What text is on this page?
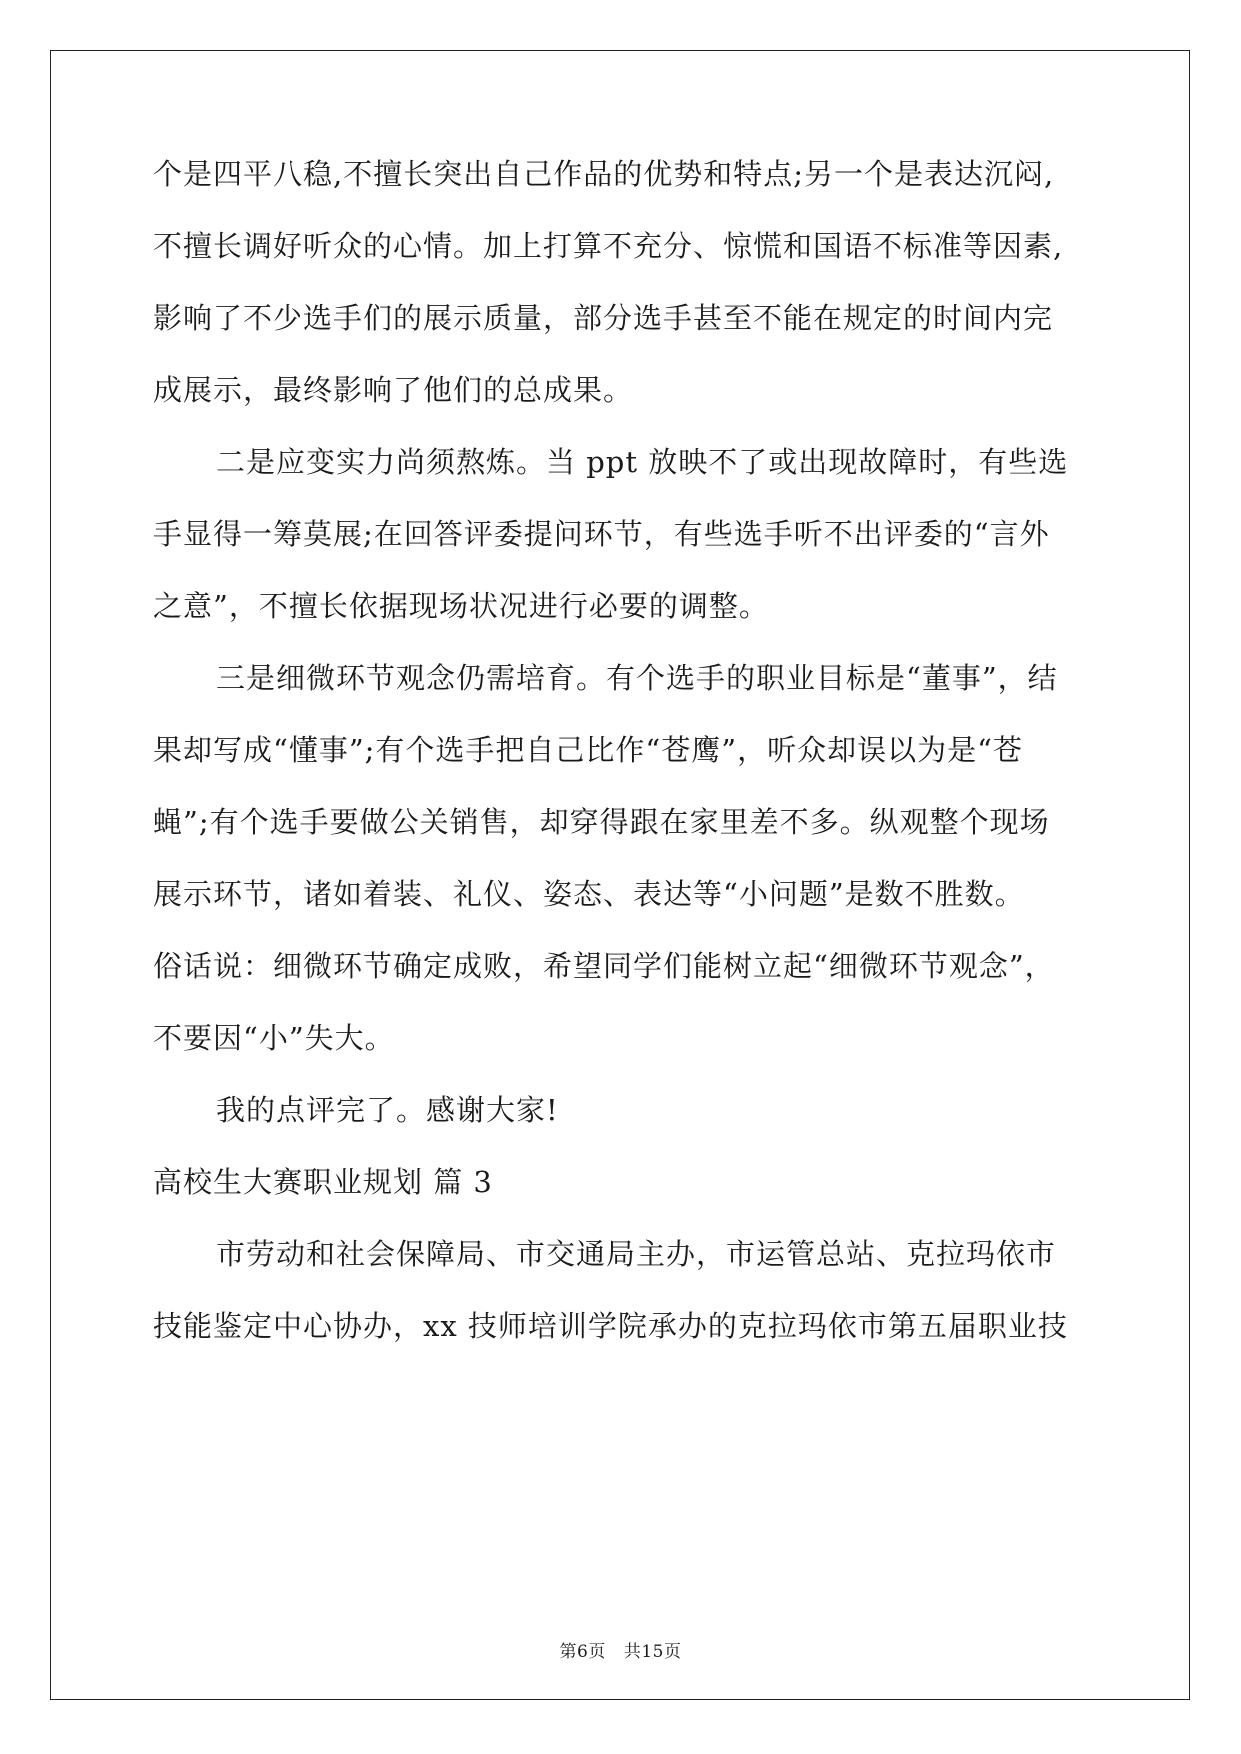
个是四平八稳,不擅长突出自己作品的优势和特点;另一个是表达沉闷,
不擅长调好听众的心情。加上打算不充分、惊慌和国语不标准等因素,
影响了不少选手们的展示质量，部分选手甚至不能在规定的时间内完
成展示，最终影响了他们的总成果。
二是应变实力尚须熬炼。当 ppt 放映不了或出现故障时，有些选
手显得一筹莫展;在回答评委提问环节，有些选手听不出评委的“言外
之意”，不擅长依据现场状况进行必要的调整。
三是细微环节观念仍需培育。有个选手的职业目标是“董事”，结
果却写成“懂事”;有个选手把自己比作“苍鹰”，听众却误以为是“苍
蝇”;有个选手要做公关销售，却穿得跟在家里差不多。纵观整个现场
展示环节，诸如着装、礼仪、姿态、表达等“小问题”是数不胜数。
俗话说：细微环节确定成败，希望同学们能树立起“细微环节观念”，
不要因“小”失大。
我的点评完了。感谢大家!
高校生大赛职业规划 篇 3
市劳动和社会保障局、市交通局主办，市运管总站、克拉玛依市
技能鉴定中心协办，xx 技师培训学院承办的克拉玛依市第五届职业技
第6页 共15页
